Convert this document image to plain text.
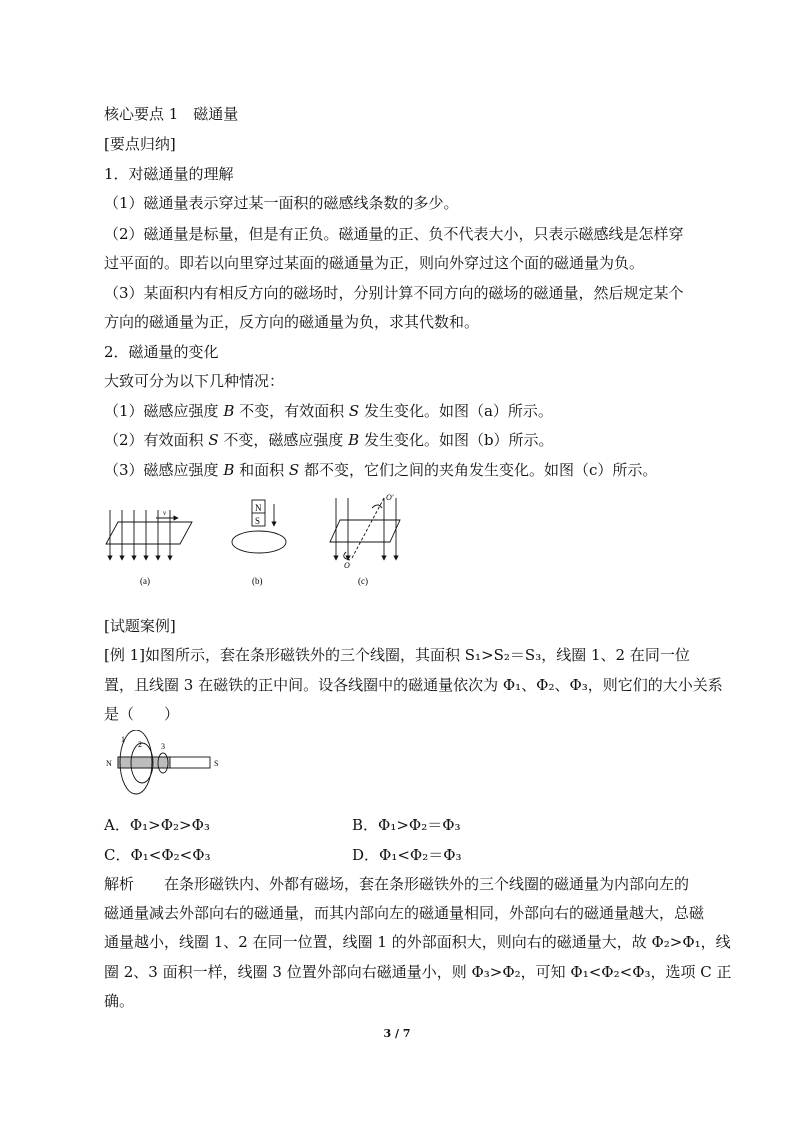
核心要点 1　磁通量
[要点归纳]
1．对磁通量的理解
（1）磁通量表示穿过某一面积的磁感线条数的多少。
（2）磁通量是标量，但是有正负。磁通量的正、负不代表大小，只表示磁感线是怎样穿
过平面的。即若以向里穿过某面的磁通量为正，则向外穿过这个面的磁通量为负。
（3）某面积内有相反方向的磁场时，分别计算不同方向的磁场的磁通量，然后规定某个
方向的磁通量为正，反方向的磁通量为负，求其代数和。
2．磁通量的变化
大致可分为以下几种情况：
（1）磁感应强度 B 不变，有效面积 S 发生变化。如图（a）所示。
（2）有效面积 S 不变，磁感应强度 B 发生变化。如图（b）所示。
（3）磁感应强度 B 和面积 S 都不变，它们之间的夹角发生变化。如图（c）所示。
v
(a)
N
S
(b)
O′
O
(c)
[试题案例]
[例 1]如图所示，套在条形磁铁外的三个线圈，其面积 S₁>S₂＝S₃，线圈 1、2 在同一位
置，且线圈 3 在磁铁的正中间。设各线圈中的磁通量依次为 Φ₁、Φ₂、Φ₃，则它们的大小关系
是（　　）
1
2 3
N	S
A．Φ₁>Φ₂>Φ₃	B．Φ₁>Φ₂＝Φ₃
C．Φ₁<Φ₂<Φ₃	D．Φ₁<Φ₂＝Φ₃
解析　　在条形磁铁内、外都有磁场，套在条形磁铁外的三个线圈的磁通量为内部向左的
磁通量减去外部向右的磁通量，而其内部向左的磁通量相同，外部向右的磁通量越大，总磁
通量越小，线圈 1、2 在同一位置，线圈 1 的外部面积大，则向右的磁通量大，故 Φ₂>Φ₁，线
圈 2、3 面积一样，线圈 3 位置外部向右磁通量小，则 Φ₃>Φ₂，可知 Φ₁<Φ₂<Φ₃，选项 C 正
确。
3 / 7
